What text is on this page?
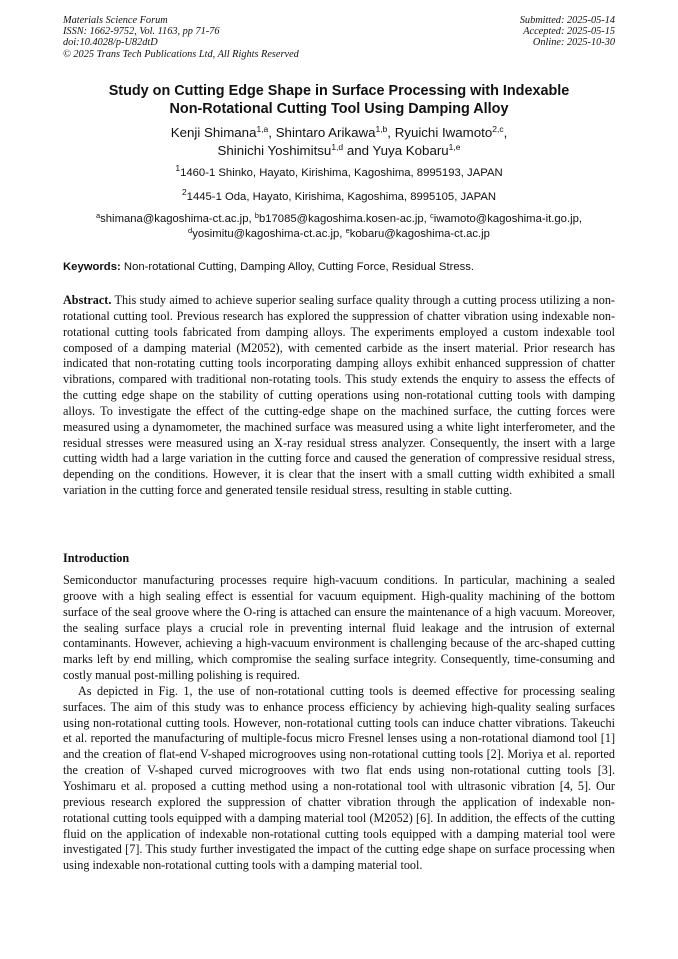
Materials Science Forum
ISSN: 1662-9752, Vol. 1163, pp 71-76
doi:10.4028/p-U82dtD
© 2025 Trans Tech Publications Ltd, All Rights Reserved
Submitted: 2025-05-14
Accepted: 2025-05-15
Online: 2025-10-30
Study on Cutting Edge Shape in Surface Processing with Indexable
Non-Rotational Cutting Tool Using Damping Alloy
Kenji Shimana$^{1,a}$, Shintaro Arikawa$^{1,b}$, Ryuichi Iwamoto$^{2,c}$,
Shinichi Yoshimitsu$^{1,d}$ and Yuya Kobaru$^{1,e}$
$^1$1460-1 Shinko, Hayato, Kirishima, Kagoshima, 8995193, JAPAN
$^2$1445-1 Oda, Hayato, Kirishima, Kagoshima, 8995105, JAPAN
$^a$shimana@kagoshima-ct.ac.jp, $^b$b17085@kagoshima.kosen-ac.jp, $^c$iwamoto@kagoshima-it.go.jp,
$^d$yosimitu@kagoshima-ct.ac.jp, $^e$kobaru@kagoshima-ct.ac.jp
Keywords: Non-rotational Cutting, Damping Alloy, Cutting Force, Residual Stress.
Abstract. This study aimed to achieve superior sealing surface quality through a cutting process utilizing a non-rotational cutting tool. Previous research has explored the suppression of chatter vibration using indexable non-rotational cutting tools fabricated from damping alloys. The experiments employed a custom indexable tool composed of a damping material (M2052), with cemented carbide as the insert material. Prior research has indicated that non-rotating cutting tools incorporating damping alloys exhibit enhanced suppression of chatter vibrations, compared with traditional non-rotating tools. This study extends the enquiry to assess the effects of the cutting edge shape on the stability of cutting operations using non-rotational cutting tools with damping alloys. To investigate the effect of the cutting-edge shape on the machined surface, the cutting forces were measured using a dynamometer, the machined surface was measured using a white light interferometer, and the residual stresses were measured using an X-ray residual stress analyzer. Consequently, the insert with a large cutting width had a large variation in the cutting force and caused the generation of compressive residual stress, depending on the conditions. However, it is clear that the insert with a small cutting width exhibited a small variation in the cutting force and generated tensile residual stress, resulting in stable cutting.
Introduction

Semiconductor manufacturing processes require high-vacuum conditions. In particular, machining a sealed groove with a high sealing effect is essential for vacuum equipment. High-quality machining of the bottom surface of the seal groove where the O-ring is attached can ensure the maintenance of a high vacuum. Moreover, the sealing surface plays a crucial role in preventing internal fluid leakage and the intrusion of external contaminants. However, achieving a high-vacuum environment is challenging because of the arc-shaped cutting marks left by end milling, which compromise the sealing surface integrity. Consequently, time-consuming and costly manual post-milling polishing is required.

As depicted in Fig. 1, the use of non-rotational cutting tools is deemed effective for processing sealing surfaces. The aim of this study was to enhance process efficiency by achieving high-quality sealing surfaces using non-rotational cutting tools. However, non-rotational cutting tools can induce chatter vibrations. Takeuchi et al. reported the manufacturing of multiple-focus micro Fresnel lenses using a non-rotational diamond tool [1] and the creation of flat-end V-shaped microgrooves using non-rotational cutting tools [2]. Moriya et al. reported the creation of V-shaped curved microgrooves with two flat ends using non-rotational cutting tools [3]. Yoshimaru et al. proposed a cutting method using a non-rotational tool with ultrasonic vibration [4, 5]. Our previous research explored the suppression of chatter vibration through the application of indexable non-rotational cutting tools equipped with a damping material tool (M2052) [6]. In addition, the effects of the cutting fluid on the application of indexable non-rotational cutting tools equipped with a damping material tool were investigated [7]. This study further investigated the impact of the cutting edge shape on surface processing when using indexable non-rotational cutting tools with a damping material tool.
